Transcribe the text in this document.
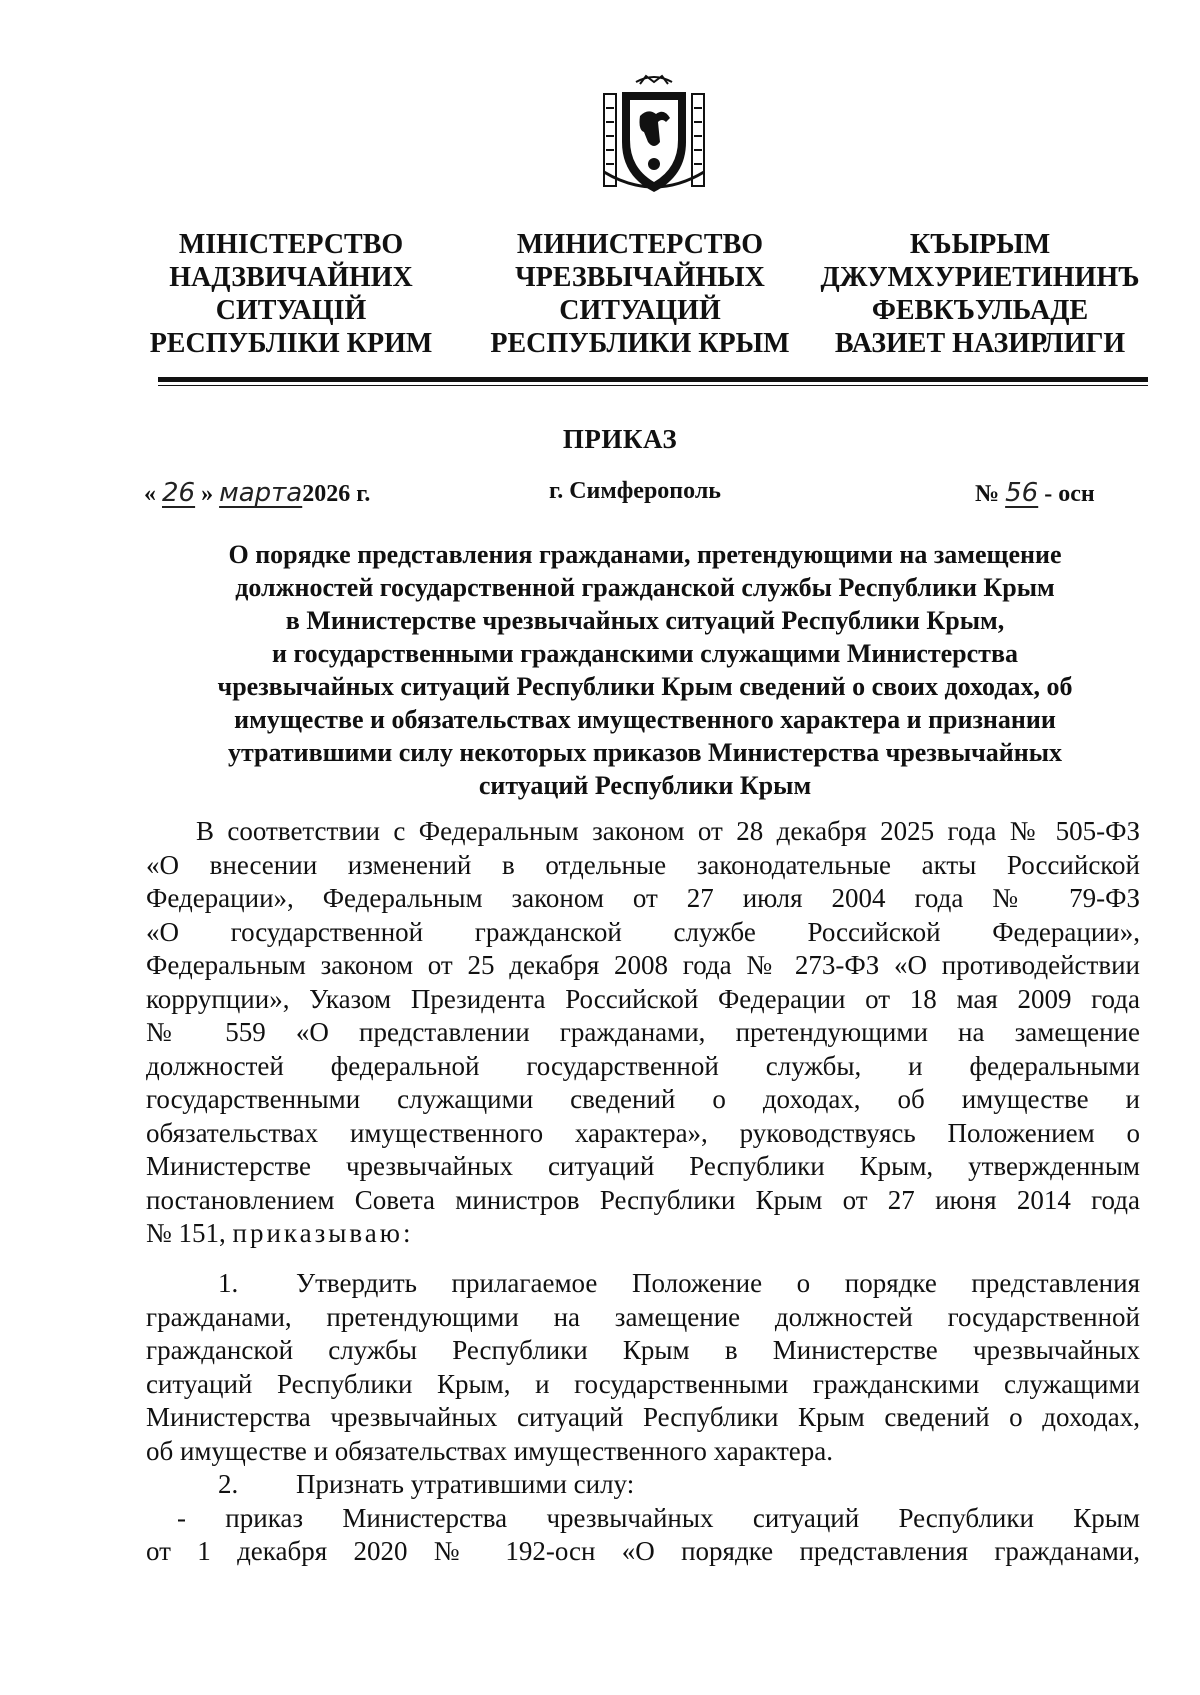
МІНІСТЕРСТВО
НАДЗВИЧАЙНИХ
СИТУАЦІЙ
РЕСПУБЛІКИ КРИМ
МИНИСТЕРСТВО
ЧРЕЗВЫЧАЙНЫХ
СИТУАЦИЙ
РЕСПУБЛИКИ КРЫМ
КЪЫРЫМ
ДЖУМХУРИЕТИНИНЪ
ФЕВКЪУЛЬАДЕ
ВАЗИЕТ НАЗИРЛИГИ
ПРИКАЗ
« 26 » марта2026 г.	г. Симферополь	№ 56 - осн
О порядке представления гражданами, претендующими на замещение
должностей государственной гражданской службы Республики Крым
в Министерстве чрезвычайных ситуаций Республики Крым,
и государственными гражданскими служащими Министерства
чрезвычайных ситуаций Республики Крым сведений о своих доходах, об
имуществе и обязательствах имущественного характера и признании
утратившими силу некоторых приказов Министерства чрезвычайных
ситуаций Республики Крым
В соответствии с Федеральным законом от 28 декабря 2025 года № 505-ФЗ
«О внесении изменений в отдельные законодательные акты Российской
Федерации», Федеральным законом от 27 июля 2004 года № 79-ФЗ
«О государственной гражданской службе Российской Федерации»,
Федеральным законом от 25 декабря 2008 года № 273-ФЗ «О противодействии
коррупции», Указом Президента Российской Федерации от 18 мая 2009 года
№ 559 «О представлении гражданами, претендующими на замещение
должностей федеральной государственной службы, и федеральными
государственными служащими сведений о доходах, об имуществе и
обязательствах имущественного характера», руководствуясь Положением о
Министерстве чрезвычайных ситуаций Республики Крым, утвержденным
постановлением Совета министров Республики Крым от 27 июня 2014 года
№ 151, приказываю:
1. Утвердить прилагаемое Положение о порядке представления
гражданами, претендующими на замещение должностей государственной
гражданской службы Республики Крым в Министерстве чрезвычайных
ситуаций Республики Крым, и государственными гражданскими служащими
Министерства чрезвычайных ситуаций Республики Крым сведений о доходах,
об имуществе и обязательствах имущественного характера.
2. Признать утратившими силу:
- приказ Министерства чрезвычайных ситуаций Республики Крым
от 1 декабря 2020 № 192-осн «О порядке представления гражданами,
